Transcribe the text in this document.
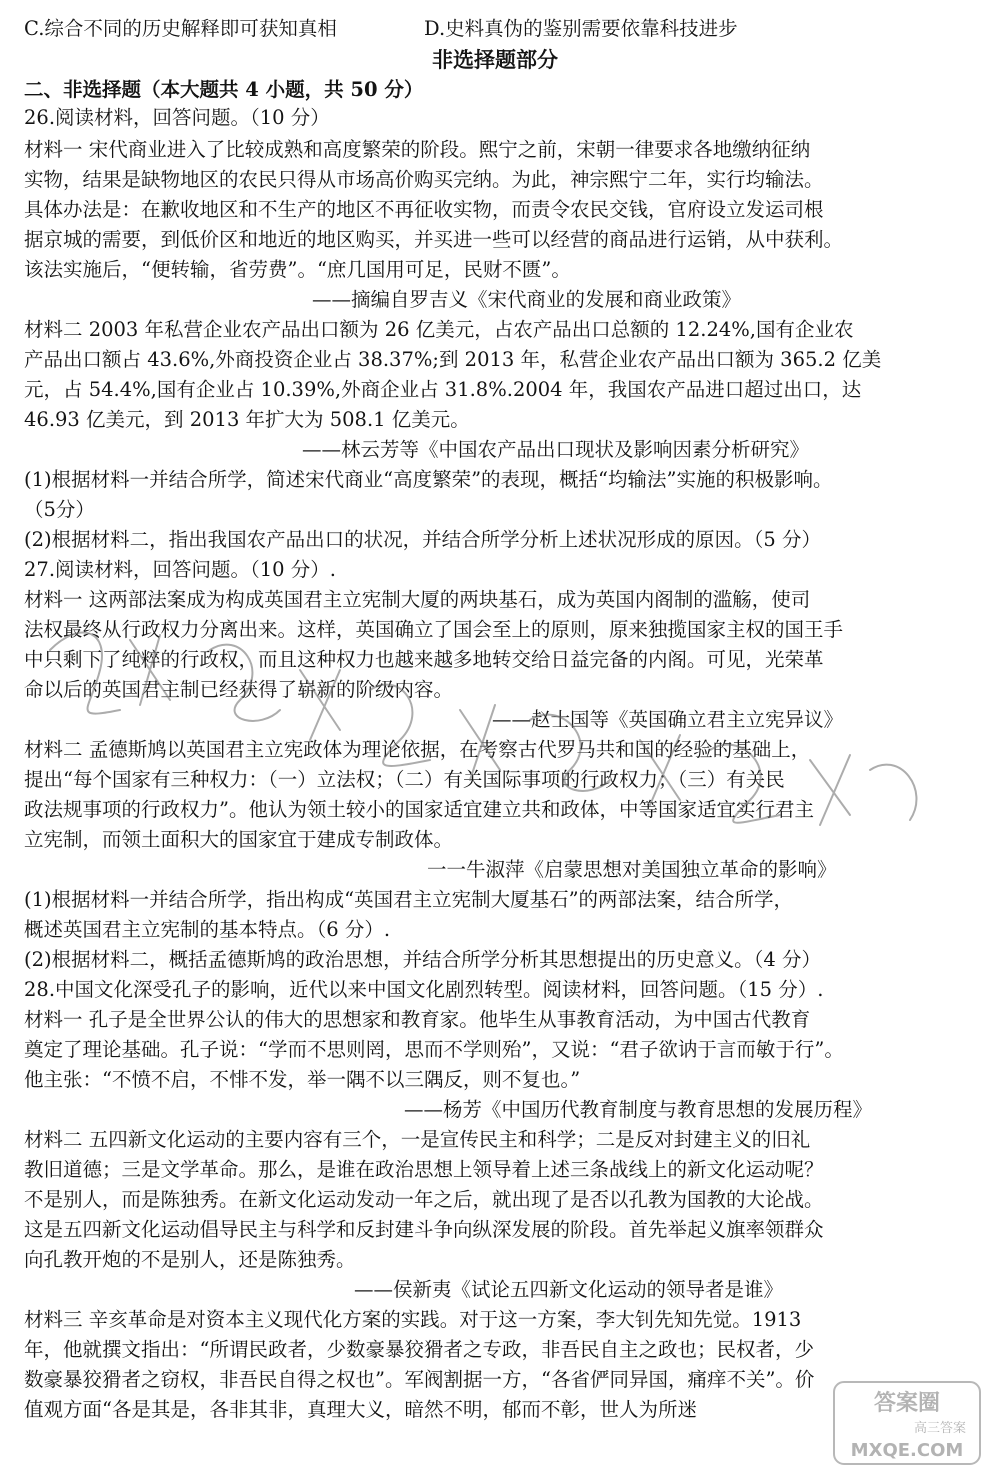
C.综合不同的历史解释即可获知真相	D.史料真伪的鉴别需要依靠科技进步
非选择题部分
二、非选择题（本大题共 4 小题，共 50 分）
26.阅读材料，回答问题。（10 分）
材料一 宋代商业进入了比较成熟和高度繁荣的阶段。熙宁之前，宋朝一律要求各地缴纳征纳
实物，结果是缺物地区的农民只得从市场高价购买完纳。为此，神宗熙宁二年，实行均输法。
具体办法是：在歉收地区和不生产的地区不再征收实物，而责令农民交钱，官府设立发运司根
据京城的需要，到低价区和地近的地区购买，并买进一些可以经营的商品进行运销，从中获利。
该法实施后，“便转输，省劳费”。“庶几国用可足，民财不匮”。
——摘编自罗吉义《宋代商业的发展和商业政策》
材料二 2003 年私营企业农产品出口额为 26 亿美元，占农产品出口总额的 12.24%,国有企业农
产品出口额占 43.6%,外商投资企业占 38.37%;到 2013 年，私营企业农产品出口额为 365.2 亿美
元，占 54.4%,国有企业占 10.39%,外商企业占 31.8%.2004 年，我国农产品进口超过出口，达
46.93 亿美元，到 2013 年扩大为 508.1 亿美元。
——林云芳等《中国农产品出口现状及影响因素分析研究》
(1)根据材料一并结合所学，简述宋代商业“高度繁荣”的表现，概括“均输法”实施的积极影响。
（5分）
(2)根据材料二，指出我国农产品出口的状况，并结合所学分析上述状况形成的原因。（5 分）
27.阅读材料，回答问题。（10 分）.
材料一 这两部法案成为构成英国君主立宪制大厦的两块基石，成为英国内阁制的滥觞，使司
法权最终从行政权力分离出来。这样，英国确立了国会至上的原则，原来独揽国家主权的国王手
中只剩下了纯粹的行政权，而且这种权力也越来越多地转交给日益完备的内阁。可见，光荣革
命以后的英国君主制已经获得了崭新的阶级内容。
——赵士国等《英国确立君主立宪异议》
材料二 孟德斯鸠以英国君主立宪政体为理论依据，在考察古代罗马共和国的经验的基础上，
提出“每个国家有三种权力：（一）立法权；（二）有关国际事项的行政权力；（三）有关民
政法规事项的行政权力”。他认为领土较小的国家适宜建立共和政体，中等国家适宜实行君主
立宪制，而领土面积大的国家宜于建成专制政体。
一一牛淑萍《启蒙思想对美国独立革命的影响》
(1)根据材料一并结合所学，指出构成“英国君主立宪制大厦基石”的两部法案，结合所学，
概述英国君主立宪制的基本特点。（6 分）.
(2)根据材料二，概括孟德斯鸠的政治思想，并结合所学分析其思想提出的历史意义。（4 分）
28.中国文化深受孔子的影响，近代以来中国文化剧烈转型。阅读材料，回答问题。（15 分）.
材料一 孔子是全世界公认的伟大的思想家和教育家。他毕生从事教育活动，为中国古代教育
奠定了理论基础。孔子说：“学而不思则罔，思而不学则殆”，又说：“君子欲讷于言而敏于行”。
他主张：“不愤不启，不悱不发，举一隅不以三隅反，则不复也。”
——杨芳《中国历代教育制度与教育思想的发展历程》
材料二 五四新文化运动的主要内容有三个，一是宣传民主和科学；二是反对封建主义的旧礼
教旧道德；三是文学革命。那么，是谁在政治思想上领导着上述三条战线上的新文化运动呢？
不是别人，而是陈独秀。在新文化运动发动一年之后，就出现了是否以孔教为国教的大论战。
这是五四新文化运动倡导民主与科学和反封建斗争向纵深发展的阶段。首先举起义旗率领群众
向孔教开炮的不是别人，还是陈独秀。
——侯新夷《试论五四新文化运动的领导者是谁》
材料三 辛亥革命是对资本主义现代化方案的实践。对于这一方案，李大钊先知先觉。1913
年，他就撰文指出：“所谓民政者，少数豪暴狡猾者之专政，非吾民自主之政也；民权者，少
数豪暴狡猾者之窃权，非吾民自得之权也”。军阀割据一方，“各省俨同异国，痛痒不关”。价
值观方面“各是其是，各非其非，真理大义，暗然不明，郁而不彰，世人为所迷	答案圈
高三答案
MXQE.COM
